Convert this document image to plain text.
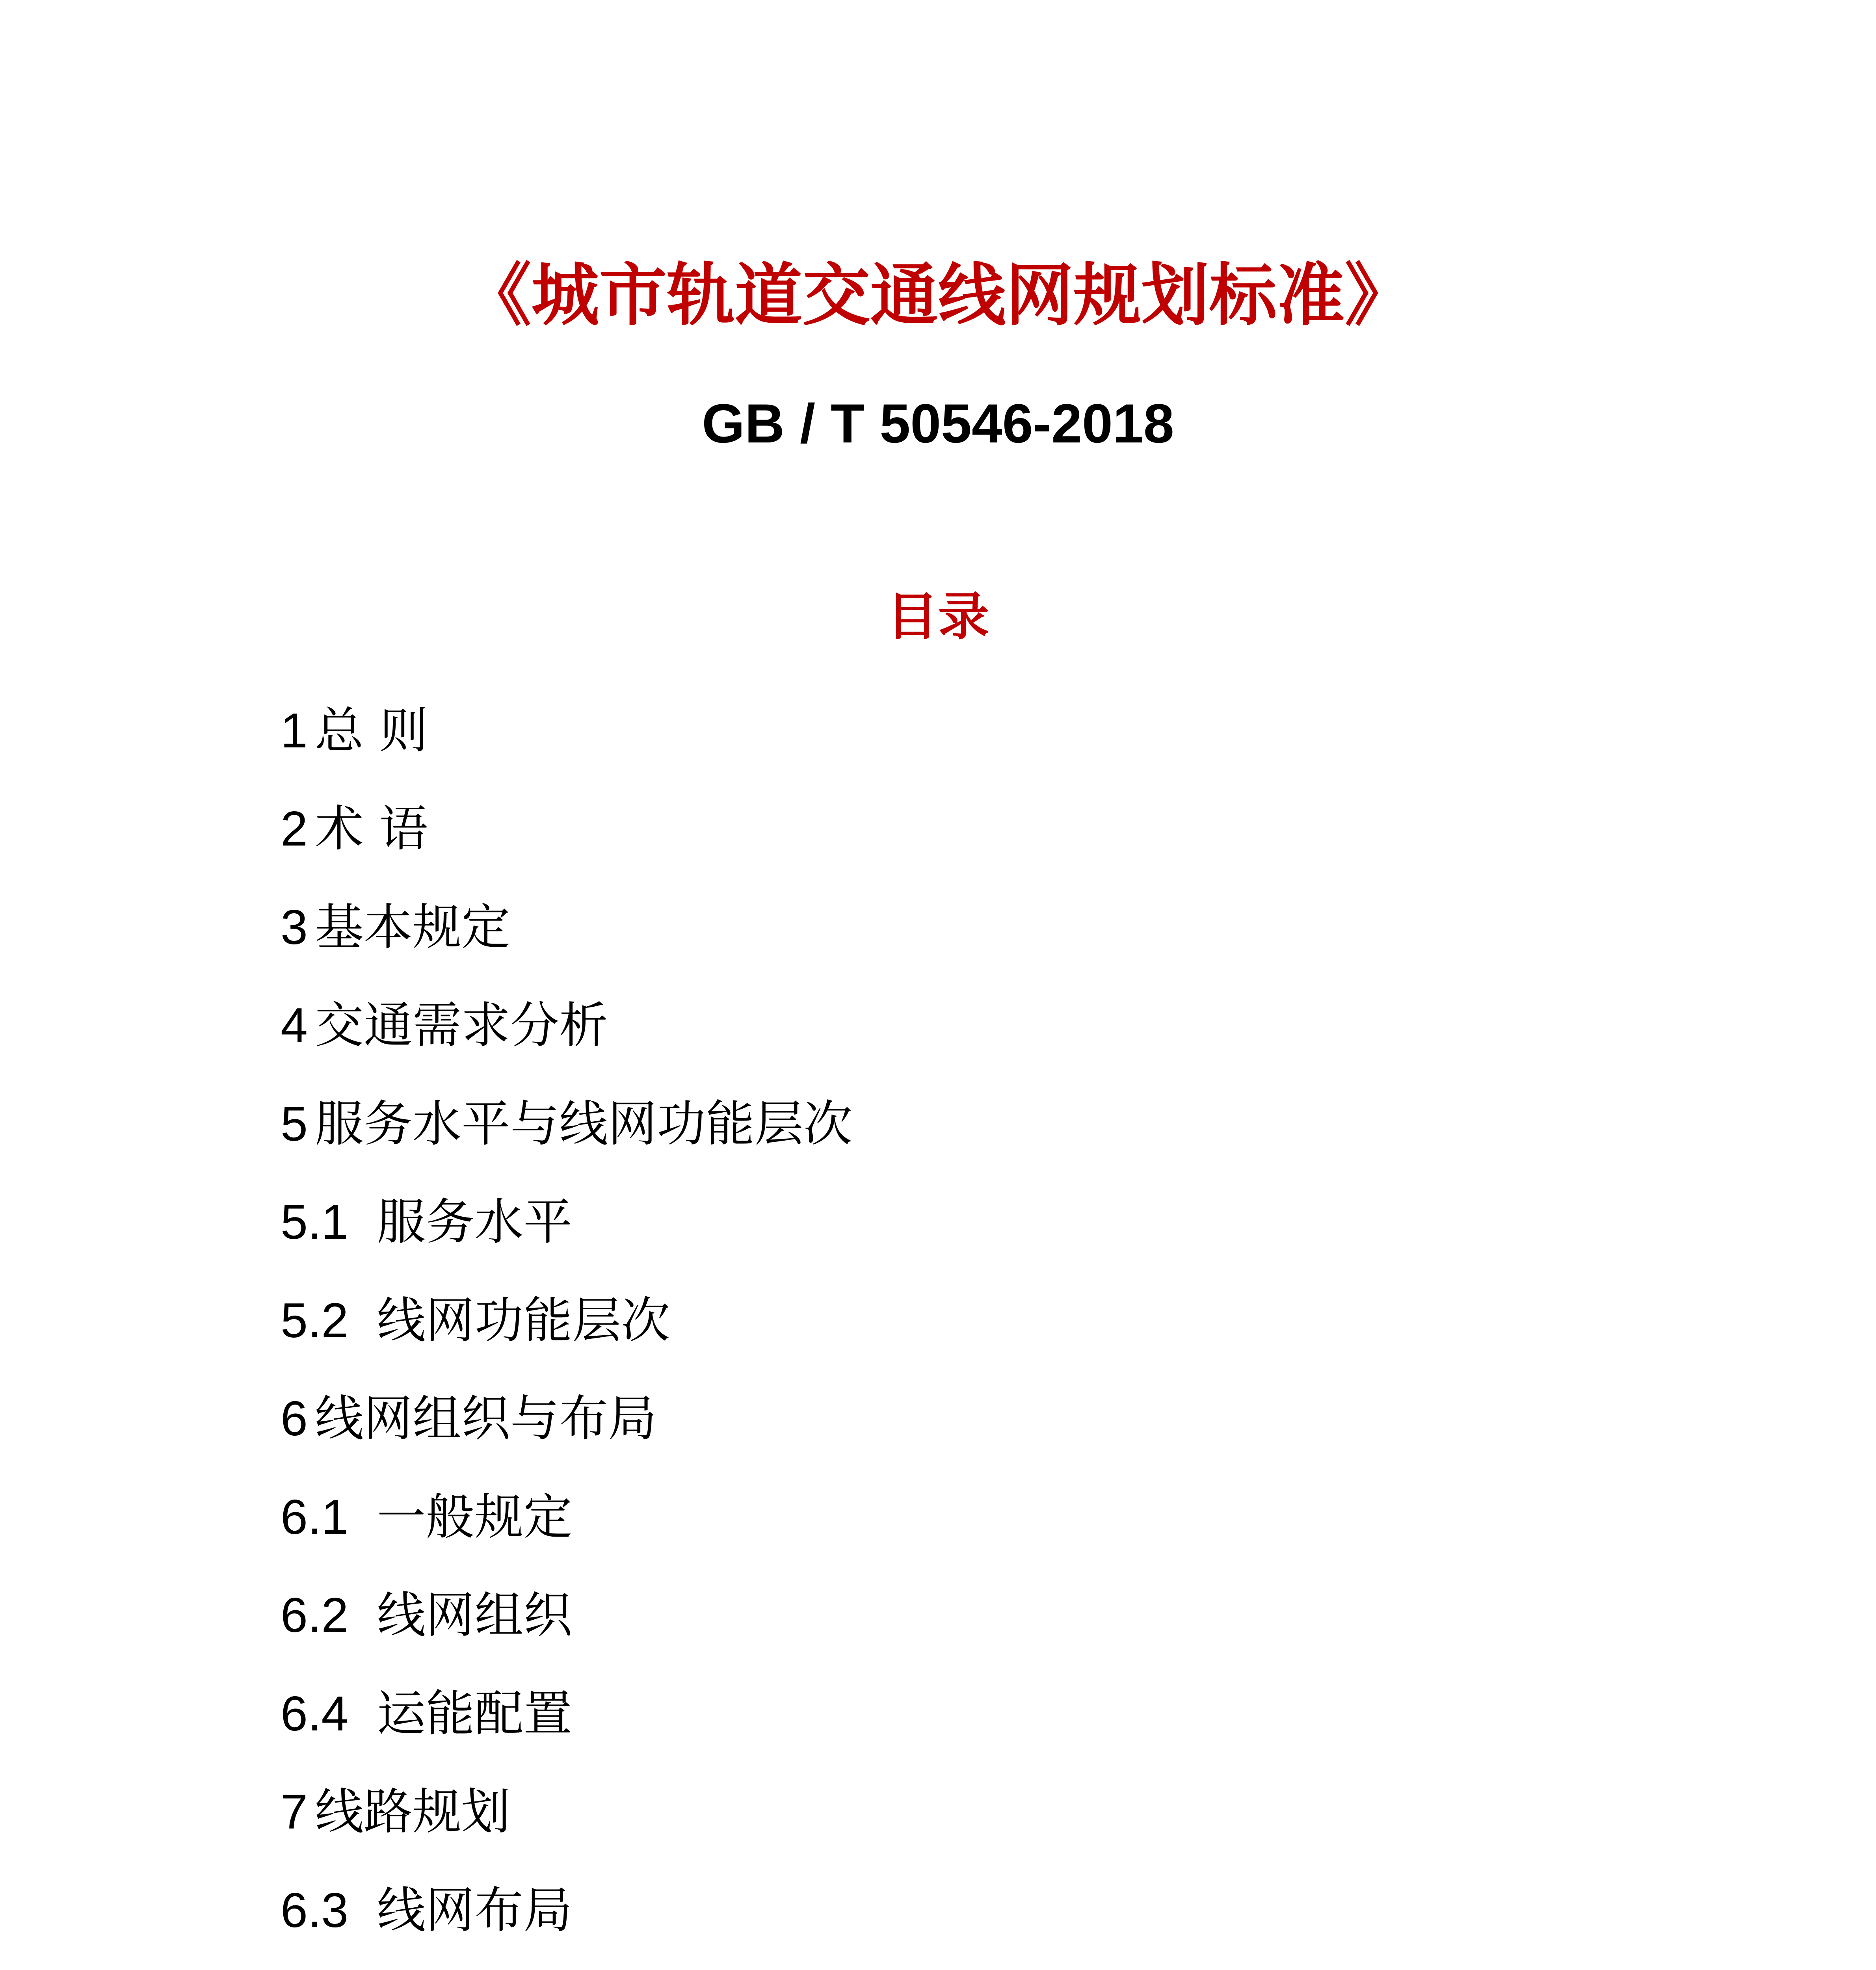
《城市轨道交通线网规划标准》
GB / T 50546-2018
目录
1 总 则
2 术 语
3 基本规定
4 交通需求分析
5 服务水平与线网功能层次
5.1 服务水平
5.2 线网功能层次
6 线网组织与布局
6.1 一般规定
6.2 线网组织
6.4 运能配置
7 线路规划
6.3 线网布局
